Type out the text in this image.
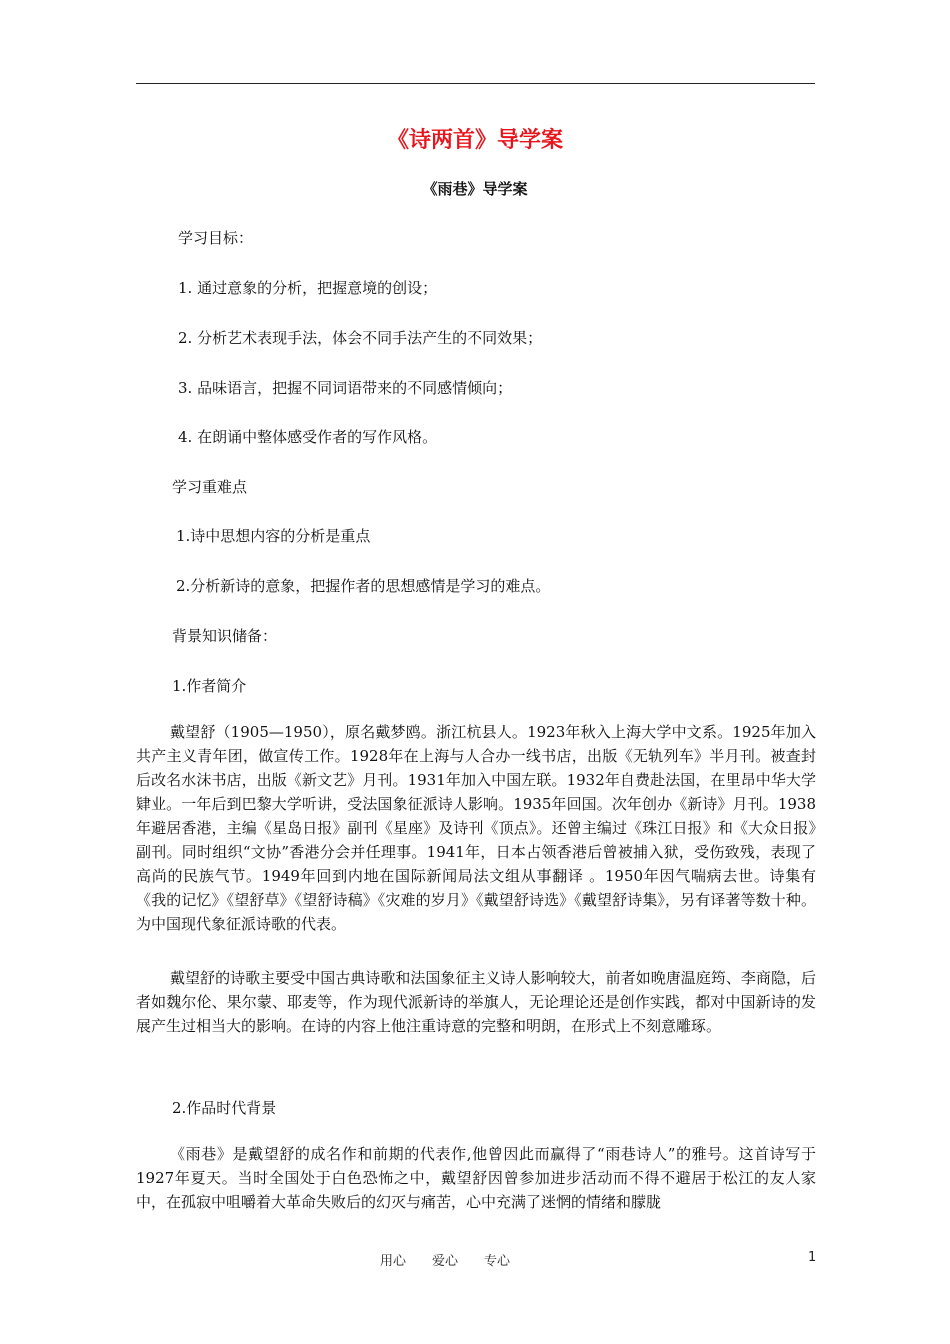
《诗两首》导学案
《雨巷》导学案
学习目标：
1. 通过意象的分析，把握意境的创设；
2. 分析艺术表现手法，体会不同手法产生的不同效果；
3. 品味语言，把握不同词语带来的不同感情倾向；
4. 在朗诵中整体感受作者的写作风格。
学习重难点
1.诗中思想内容的分析是重点
2.分析新诗的意象，把握作者的思想感情是学习的难点。
背景知识储备：
1.作者简介
戴望舒（1905—1950），原名戴梦鸥。浙江杭县人。1923年秋入上海大学中文系。1925年加入共产主义青年团，做宣传工作。1928年在上海与人合办一线书店，出版《无轨列车》半月刊。被查封后改名水沫书店，出版《新文艺》月刊。1931年加入中国左联。1932年自费赴法国，在里昂中华大学肄业。一年后到巴黎大学听讲，受法国象征派诗人影响。1935年回国。次年创办《新诗》月刊。1938年避居香港，主编《星岛日报》副刊《星座》及诗刊《顶点》。还曾主编过《珠江日报》和《大众日报》副刊。同时组织“文协”香港分会并任理事。1941年，日本占领香港后曾被捕入狱，受伤致残，表现了高尚的民族气节。1949年回到内地在国际新闻局法文组从事翻译 。1950年因气喘病去世。诗集有《我的记忆》《望舒草》《望舒诗稿》《灾难的岁月》《戴望舒诗选》《戴望舒诗集》，另有译著等数十种。为中国现代象征派诗歌的代表。
戴望舒的诗歌主要受中国古典诗歌和法国象征主义诗人影响较大，前者如晚唐温庭筠、李商隐，后者如魏尔伦、果尔蒙、耶麦等，作为现代派新诗的举旗人，无论理论还是创作实践，都对中国新诗的发展产生过相当大的影响。在诗的内容上他注重诗意的完整和明朗，在形式上不刻意雕琢。
2.作品时代背景
《雨巷》是戴望舒的成名作和前期的代表作,他曾因此而赢得了“雨巷诗人”的雅号。这首诗写于1927年夏天。当时全国处于白色恐怖之中，戴望舒因曾参加进步活动而不得不避居于松江的友人家中，在孤寂中咀嚼着大革命失败后的幻灭与痛苦，心中充满了迷惘的情绪和朦胧
用心　　爱心　　专心	1
